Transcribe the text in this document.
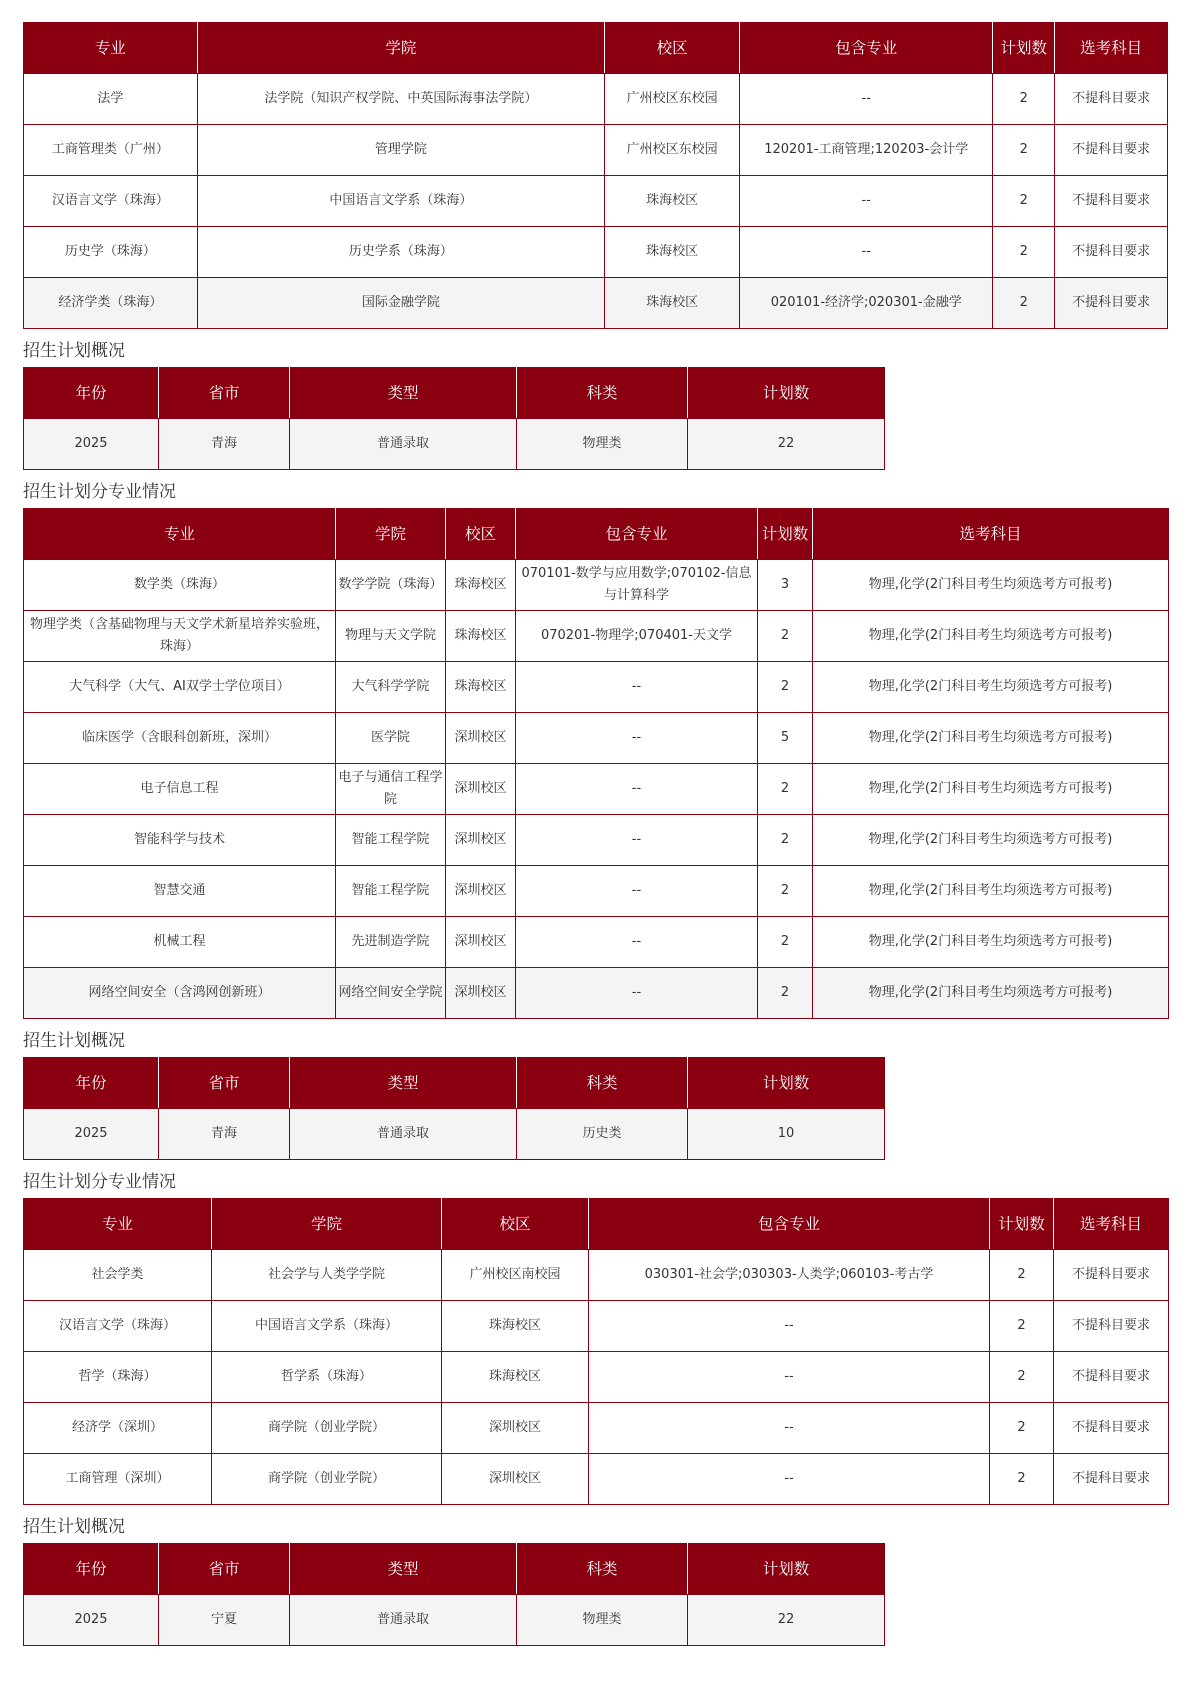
专业	学院	校区	包含专业	计划数	选考科目
法学	法学院（知识产权学院、中英国际海事法学院）	广州校区东校园	--	2	不提科目要求
工商管理类（广州）	管理学院	广州校区东校园	120201-工商管理;120203-会计学	2	不提科目要求
汉语言文学（珠海）	中国语言文学系（珠海）	珠海校区	--	2	不提科目要求
历史学（珠海）	历史学系（珠海）	珠海校区	--	2	不提科目要求
经济学类（珠海）	国际金融学院	珠海校区	020101-经济学;020301-金融学	2	不提科目要求
招生计划概况
年份	省市	类型	科类	计划数
2025	青海	普通录取	物理类	22
招生计划分专业情况
专业	学院	校区	包含专业	计划数	选考科目
数学类（珠海）	数学学院（珠海）	珠海校区	070101-数学与应用数学;070102-信息与计算科学	3	物理,化学(2门科目考生均须选考方可报考)
物理学类（含基础物理与天文学术新星培养实验班，珠海）	物理与天文学院	珠海校区	070201-物理学;070401-天文学	2	物理,化学(2门科目考生均须选考方可报考)
大气科学（大气、AI双学士学位项目）	大气科学学院	珠海校区	--	2	物理,化学(2门科目考生均须选考方可报考)
临床医学（含眼科创新班，深圳）	医学院	深圳校区	--	5	物理,化学(2门科目考生均须选考方可报考)
电子信息工程	电子与通信工程学院	深圳校区	--	2	物理,化学(2门科目考生均须选考方可报考)
智能科学与技术	智能工程学院	深圳校区	--	2	物理,化学(2门科目考生均须选考方可报考)
智慧交通	智能工程学院	深圳校区	--	2	物理,化学(2门科目考生均须选考方可报考)
机械工程	先进制造学院	深圳校区	--	2	物理,化学(2门科目考生均须选考方可报考)
网络空间安全（含鸿网创新班）	网络空间安全学院	深圳校区	--	2	物理,化学(2门科目考生均须选考方可报考)
招生计划概况
年份	省市	类型	科类	计划数
2025	青海	普通录取	历史类	10
招生计划分专业情况
专业	学院	校区	包含专业	计划数	选考科目
社会学类	社会学与人类学学院	广州校区南校园	030301-社会学;030303-人类学;060103-考古学	2	不提科目要求
汉语言文学（珠海）	中国语言文学系（珠海）	珠海校区	--	2	不提科目要求
哲学（珠海）	哲学系（珠海）	珠海校区	--	2	不提科目要求
经济学（深圳）	商学院（创业学院）	深圳校区	--	2	不提科目要求
工商管理（深圳）	商学院（创业学院）	深圳校区	--	2	不提科目要求
招生计划概况
年份	省市	类型	科类	计划数
2025	宁夏	普通录取	物理类	22
